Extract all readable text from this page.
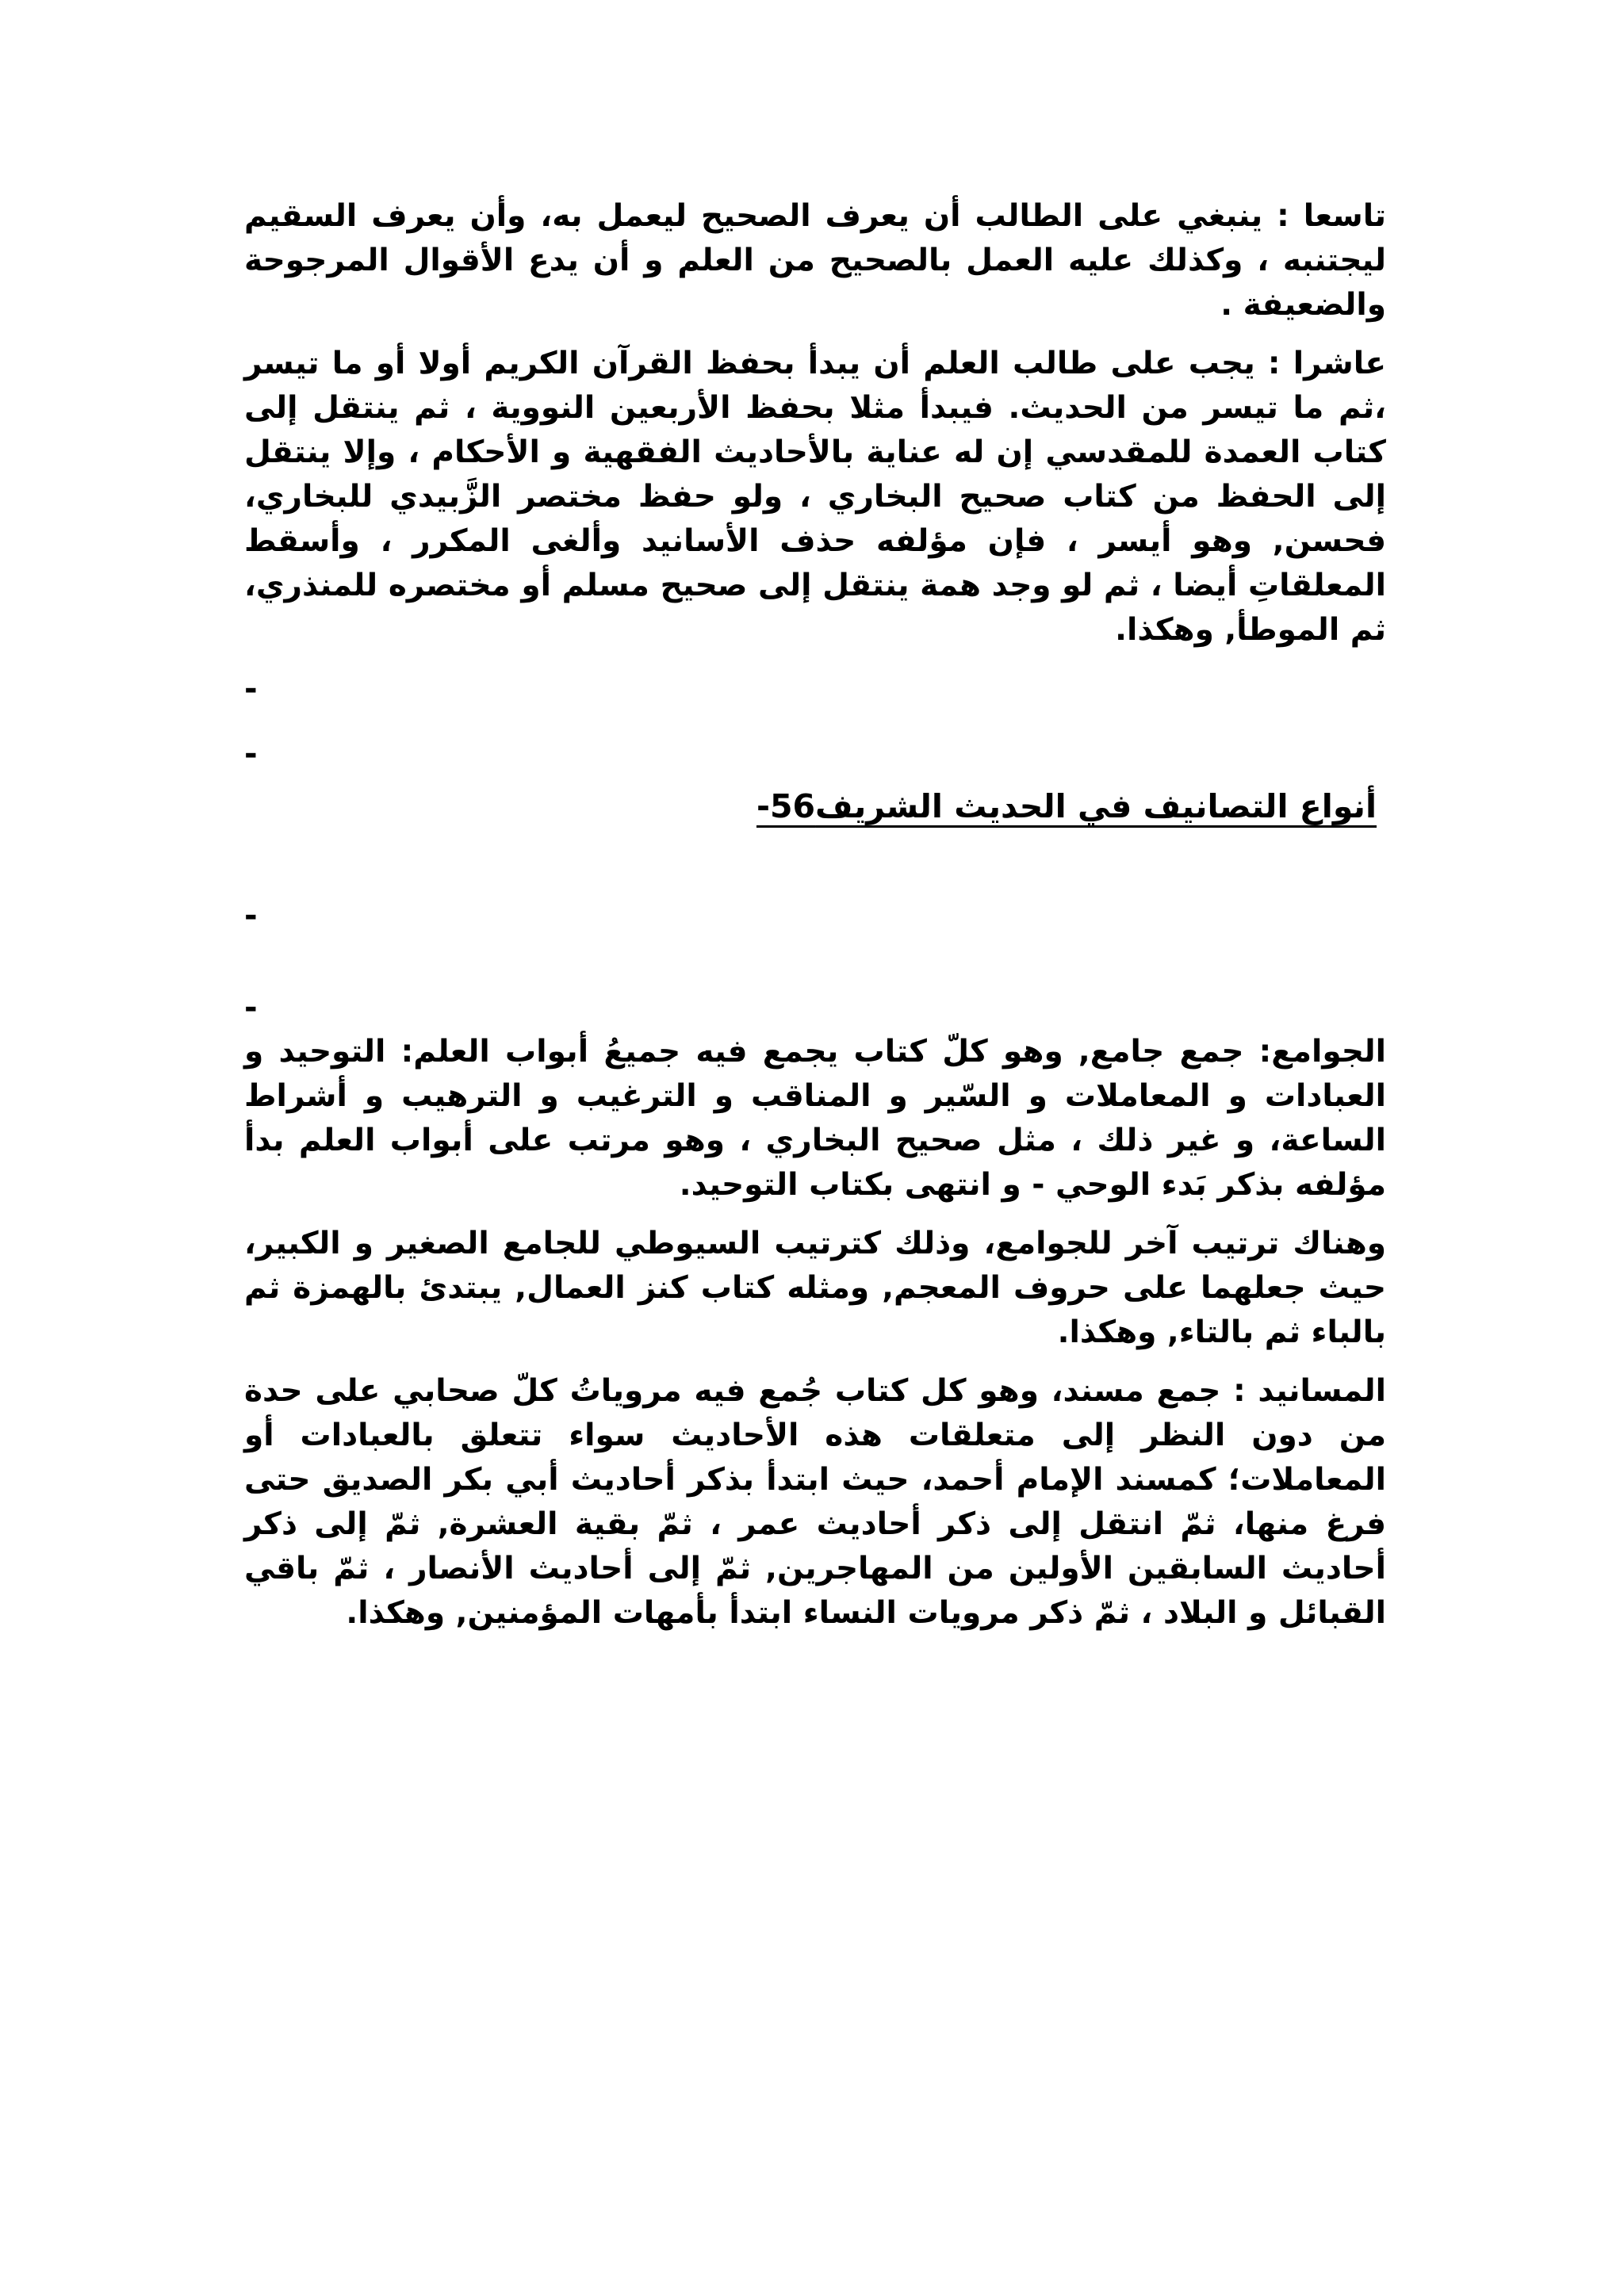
تاسعا : ينبغي على الطالب أن يعرف الصحيح ليعمل به، وأن يعرف السقيم ليجتنبه ، وكذلك عليه العمل بالصحيح من العلم و أن يدع الأقوال المرجوحة والضعيفة .

عاشرا : يجب على طالب العلم أن يبدأ بحفظ القرآن الكريم أولا أو ما تيسر ،ثم ما تيسر من الحديث. فيبدأ مثلا بحفظ الأربعين النووية ، ثم ينتقل إلى كتاب العمدة للمقدسي إن له عناية بالأحاديث الفقهية و الأحكام ، وإلا ينتقل إلى الحفظ من كتاب صحيح البخاري ، ولو حفظ مختصر الزَّبيدي للبخاري، فحسن, وهو أيسر ، فإن مؤلفه حذف الأسانيد وألغى المكرر ، وأسقط المعلقاتِ أيضا ، ثم لو وجد همة ينتقل إلى صحيح مسلم أو مختصره للمنذري، ثم الموطأ, وهكذا.

-
-
أنواع التصانيف في الحديث الشريف56-
-
-

الجوامع: جمع جامع, وهو كلّ كتاب يجمع فيه جميعُ أبواب العلم: التوحيد و العبادات و المعاملات و السّير و المناقب و الترغيب و الترهيب و أشراط الساعة، و غير ذلك ، مثل صحيح البخاري ، وهو مرتب على أبواب العلم بدأ مؤلفه بذكر بَدء الوحي - و انتهى بكتاب التوحيد.

وهناك ترتيب آخر للجوامع، وذلك كترتيب السيوطي للجامع الصغير و الكبير، حيث جعلهما على حروف المعجم, ومثله كتاب كنز العمال, يبتدئ بالهمزة ثم بالباء ثم بالتاء, وهكذا.

المسانيد : جمع مسند، وهو كل كتاب جُمع فيه مروياتُ كلّ صحابي على حدة من دون النظر إلى متعلقات هذه الأحاديث سواء تتعلق بالعبادات أو المعاملات؛ كمسند الإمام أحمد، حيث ابتدأ بذكر أحاديث أبي بكر الصديق حتى فرغ منها، ثمّ انتقل إلى ذكر أحاديث عمر ، ثمّ بقية العشرة, ثمّ إلى ذكر أحاديث السابقين الأولين من المهاجرين, ثمّ إلى أحاديث الأنصار ، ثمّ باقي القبائل و البلاد ، ثمّ ذكر مرويات النساء ابتدأ بأمهات المؤمنين, وهكذا.
